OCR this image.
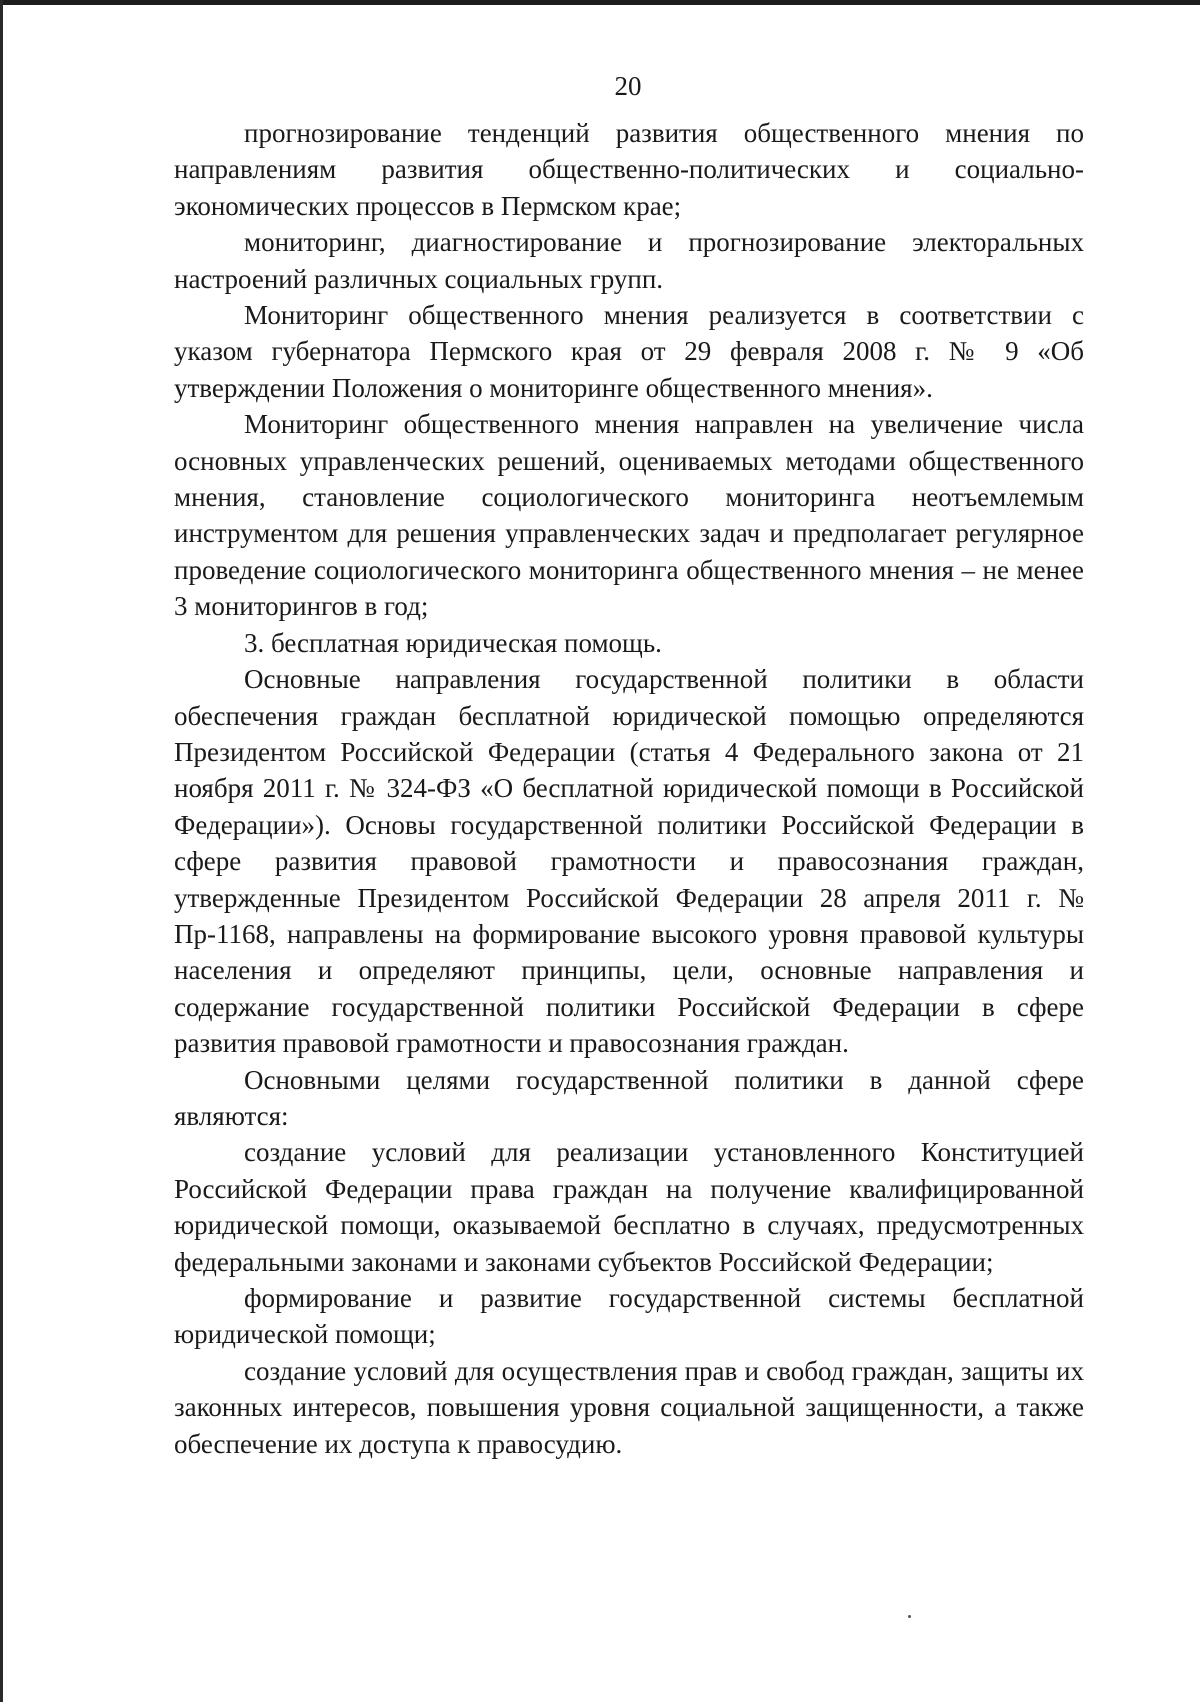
20

прогнозирование тенденций развития общественного мнения по направлениям развития общественно-политических и социально-экономических процессов в Пермском крае;

мониторинг, диагностирование и прогнозирование электоральных настроений различных социальных групп.

Мониторинг общественного мнения реализуется в соответствии с указом губернатора Пермского края от 29 февраля 2008 г. № 9 «Об утверждении Положения о мониторинге общественного мнения».

Мониторинг общественного мнения направлен на увеличение числа основных управленческих решений, оцениваемых методами общественного мнения, становление социологического мониторинга неотъемлемым инструментом для решения управленческих задач и предполагает регулярное проведение социологического мониторинга общественного мнения – не менее 3 мониторингов в год;

3. бесплатная юридическая помощь.

Основные направления государственной политики в области обеспечения граждан бесплатной юридической помощью определяются Президентом Российской Федерации (статья 4 Федерального закона от 21 ноября 2011 г. № 324-ФЗ «О бесплатной юридической помощи в Российской Федерации»). Основы государственной политики Российской Федерации в сфере развития правовой грамотности и правосознания граждан, утвержденные Президентом Российской Федерации 28 апреля 2011 г. № Пр-1168, направлены на формирование высокого уровня правовой культуры населения и определяют принципы, цели, основные направления и содержание государственной политики Российской Федерации в сфере развития правовой грамотности и правосознания граждан.

Основными целями государственной политики в данной сфере являются:

создание условий для реализации установленного Конституцией Российской Федерации права граждан на получение квалифицированной юридической помощи, оказываемой бесплатно в случаях, предусмотренных федеральными законами и законами субъектов Российской Федерации;

формирование и развитие государственной системы бесплатной юридической помощи;

создание условий для осуществления прав и свобод граждан, защиты их законных интересов, повышения уровня социальной защищенности, а также обеспечение их доступа к правосудию.
